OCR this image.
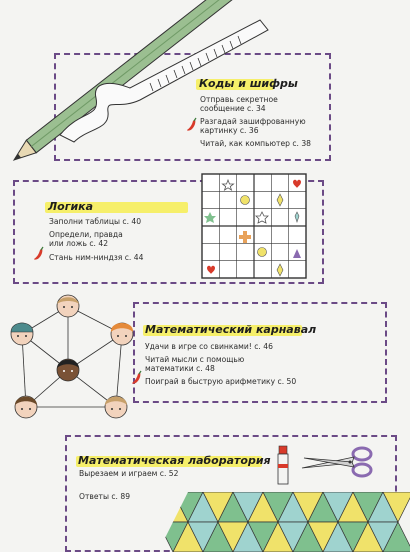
Коды и шифры
Отправь секретное
сообщение с. 34
Разгадай зашифрованную
картинку с. 36
Читай, как компьютер с. 38
Логика
Заполни таблицы с. 40
Определи, правда
или ложь с. 42
Стань ним-ниндзя с. 44
Математический карнавал
Удачи в игре со свинками! с. 46
Читай мысли с помощью
математики с. 48
Поиграй в быструю арифметику с. 50
Математическая лаборатория
Вырезаем и играем с. 52
Ответы с. 89
